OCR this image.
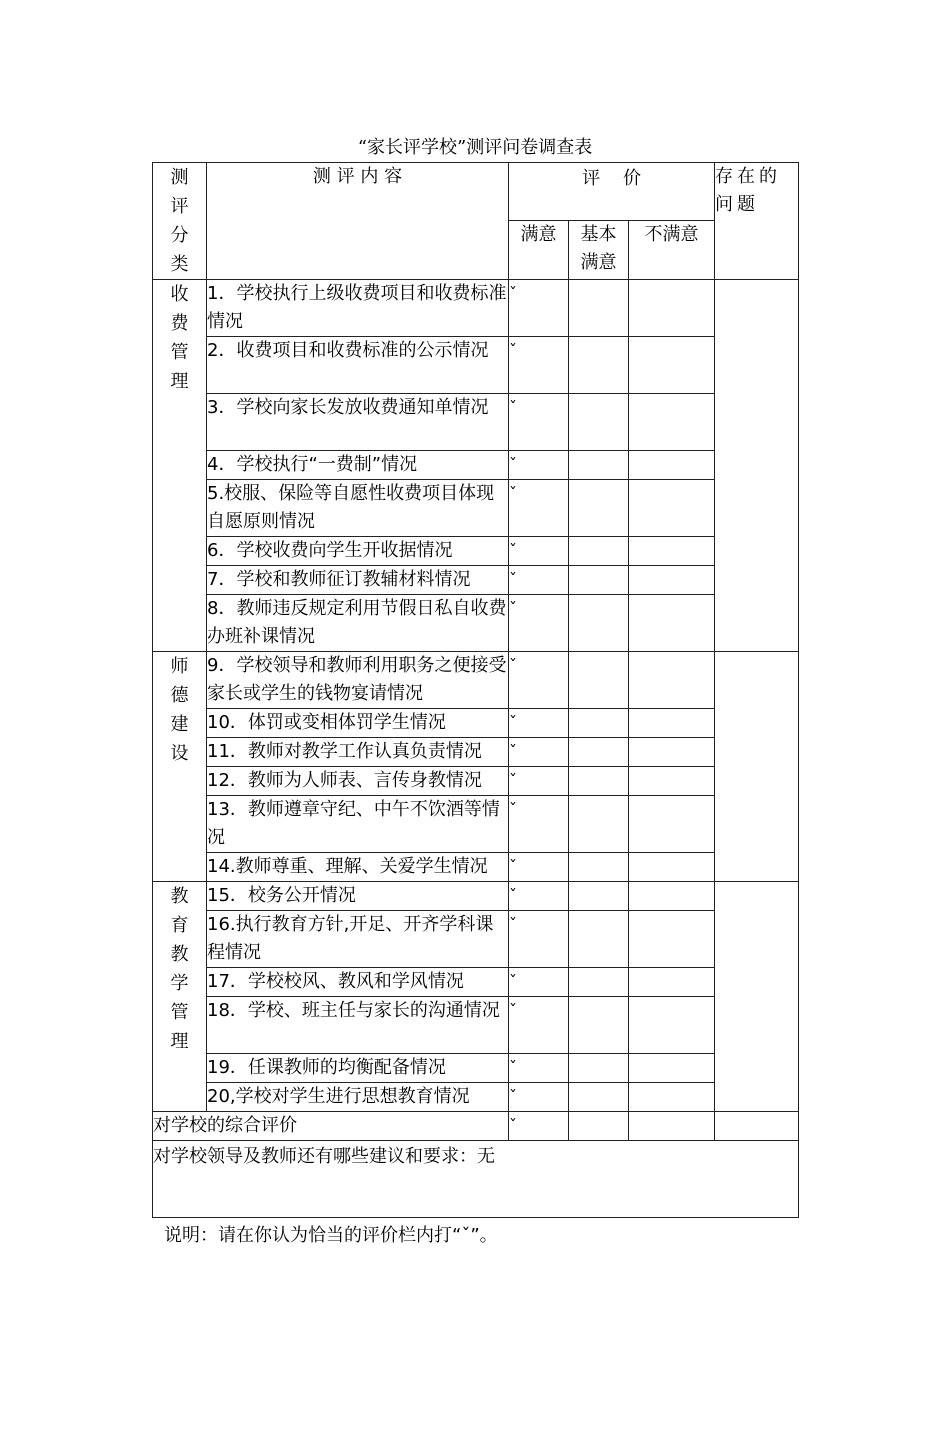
“家长评学校”测评问卷调查表
测评分类	测 评 内 容	评    价			存在的问题
		满意	基本满意	不满意	

收费管理	1．学校执行上级收费项目和收费标准情况	ˇ			
	2．收费项目和收费标准的公示情况	ˇ			
	3．学校向家长发放收费通知单情况	ˇ			
	4．学校执行“一费制”情况	ˇ			
	5.校服、保险等自愿性收费项目体现自愿原则情况	ˇ			
	6．学校收费向学生开收据情况	ˇ			
	7．学校和教师征订教辅材料情况	ˇ			
	8．教师违反规定利用节假日私自收费办班补课情况	ˇ			

师德建设	9．学校领导和教师利用职务之便接受家长或学生的钱物宴请情况	ˇ			
	10．体罚或变相体罚学生情况	ˇ			
	11．教师对教学工作认真负责情况	ˇ			
	12．教师为人师表、言传身教情况	ˇ			
	13．教师遵章守纪、中午不饮酒等情况	ˇ			
	14.教师尊重、理解、关爱学生情况	ˇ			

教育教学管理	15．校务公开情况	ˇ			
	16.执行教育方针,开足、开齐学科课程情况	ˇ			
	17．学校校风、教风和学风情况	ˇ			
	18．学校、班主任与家长的沟通情况	ˇ			
	19．任课教师的均衡配备情况	ˇ			
	20,学校对学生进行思想教育情况	ˇ			
对学校的综合评价		ˇ			
对学校领导及教师还有哪些建议和要求：无					
说明：请在你认为恰当的评价栏内打“ˇ”。
